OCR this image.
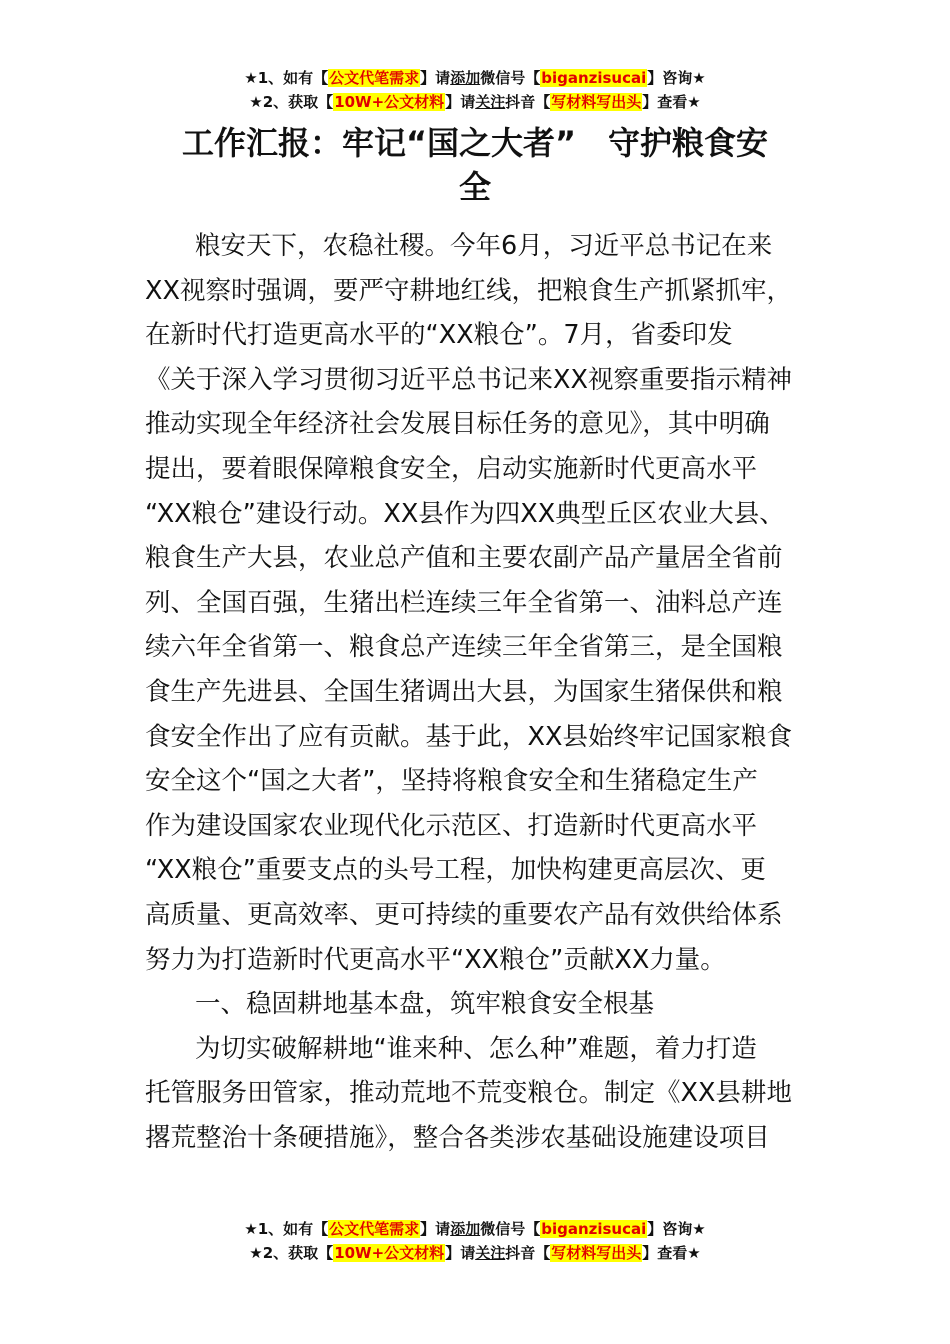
★1、如有【公文代笔需求】请添加微信号【biganzisucai】咨询★
★2、获取【10W+公文材料】请关注抖音【写材料写出头】查看★
工作汇报：牢记“国之大者”　守护粮食安
全
粮安天下，农稳社稷。今年6月，习近平总书记在来
XX视察时强调，要严守耕地红线，把粮食生产抓紧抓牢，
在新时代打造更高水平的“XX粮仓”。7月，省委印发
《关于深入学习贯彻习近平总书记来XX视察重要指示精神
推动实现全年经济社会发展目标任务的意见》，其中明确
提出，要着眼保障粮食安全，启动实施新时代更高水平
“XX粮仓”建设行动。XX县作为四XX典型丘区农业大县、
粮食生产大县，农业总产值和主要农副产品产量居全省前
列、全国百强，生猪出栏连续三年全省第一、油料总产连
续六年全省第一、粮食总产连续三年全省第三，是全国粮
食生产先进县、全国生猪调出大县，为国家生猪保供和粮
食安全作出了应有贡献。基于此，XX县始终牢记国家粮食
安全这个“国之大者”，坚持将粮食安全和生猪稳定生产
作为建设国家农业现代化示范区、打造新时代更高水平
“XX粮仓”重要支点的头号工程，加快构建更高层次、更
高质量、更高效率、更可持续的重要农产品有效供给体系
努力为打造新时代更高水平“XX粮仓”贡献XX力量。
一、稳固耕地基本盘，筑牢粮食安全根基
为切实破解耕地“谁来种、怎么种”难题，着力打造
托管服务田管家，推动荒地不荒变粮仓。制定《XX县耕地
撂荒整治十条硬措施》，整合各类涉农基础设施建设项目
★1、如有【公文代笔需求】请添加微信号【biganzisucai】咨询★
★2、获取【10W+公文材料】请关注抖音【写材料写出头】查看★
